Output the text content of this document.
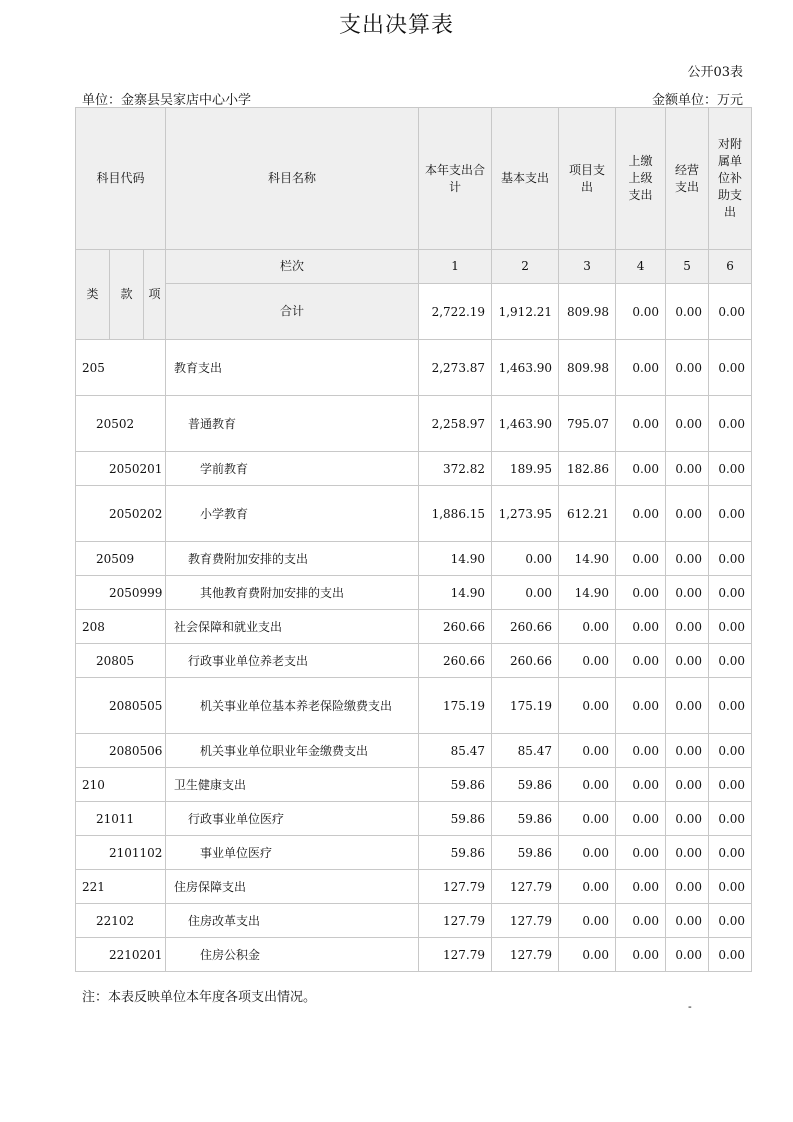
支出决算表
公开03表
单位：金寨县吴家店中心小学	金额单位：万元
科目代码			科目名称	本年支出合计	基本支出	项目支出	上缴上级支出	经营支出	对附属单位补助支出
类	款	项	栏次	1	2	3	4	5	6
			合计	2,722.19	1,912.21	809.98	0.00	0.00	0.00
205			教育支出	2,273.87	1,463.90	809.98	0.00	0.00	0.00
20502			普通教育	2,258.97	1,463.90	795.07	0.00	0.00	0.00
2050201			学前教育	372.82	189.95	182.86	0.00	0.00	0.00
2050202			小学教育	1,886.15	1,273.95	612.21	0.00	0.00	0.00
20509			教育费附加安排的支出	14.90	0.00	14.90	0.00	0.00	0.00
2050999			其他教育费附加安排的支出	14.90	0.00	14.90	0.00	0.00	0.00
208			社会保障和就业支出	260.66	260.66	0.00	0.00	0.00	0.00
20805			行政事业单位养老支出	260.66	260.66	0.00	0.00	0.00	0.00
2080505			机关事业单位基本养老保险缴费支出	175.19	175.19	0.00	0.00	0.00	0.00
2080506			机关事业单位职业年金缴费支出	85.47	85.47	0.00	0.00	0.00	0.00
210			卫生健康支出	59.86	59.86	0.00	0.00	0.00	0.00
21011			行政事业单位医疗	59.86	59.86	0.00	0.00	0.00	0.00
2101102			事业单位医疗	59.86	59.86	0.00	0.00	0.00	0.00
221			住房保障支出	127.79	127.79	0.00	0.00	0.00	0.00
22102			住房改革支出	127.79	127.79	0.00	0.00	0.00	0.00
2210201			住房公积金	127.79	127.79	0.00	0.00	0.00	0.00
注：本表反映单位本年度各项支出情况。
-
